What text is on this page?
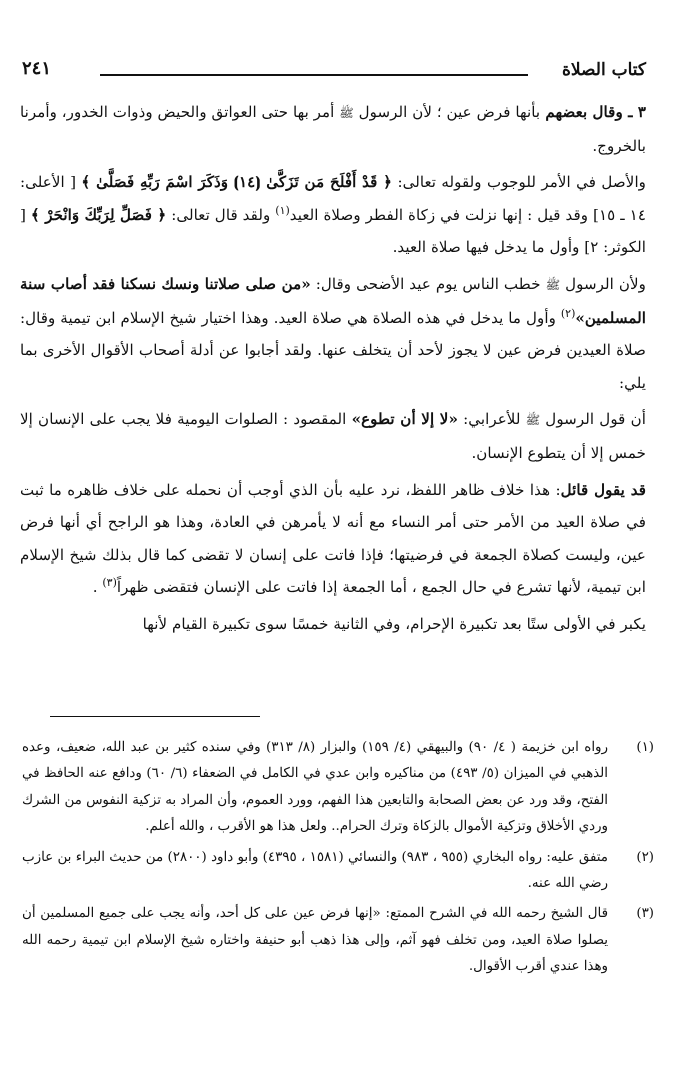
كتاب الصلاة
٢٤١

٣ ـ وقال بعضهم بأنها فرض عين ؛ لأن الرسول ﷺ أمر بها حتى العواتق والحيض وذوات الخدور، وأمرنا بالخروج.

والأصل في الأمر للوجوب ولقوله تعالى: ﴿ قَدْ أَفْلَحَ مَن تَزَكَّىٰ ⦗١٤⦘ وَذَكَرَ اسْمَ رَبِّهِ فَصَلَّىٰ ﴾ [ الأعلى: ١٤ ـ ١٥] وقد قيل : إنها نزلت في زكاة الفطر وصلاة العيد$^{(١)}$ ولقد قال تعالى: ﴿ فَصَلِّ لِرَبِّكَ وَانْحَرْ ﴾ [ الكوثر: ٢] وأول ما يدخل فيها صلاة العيد.

ولأن الرسول ﷺ خطب الناس يوم عيد الأضحى وقال: «من صلى صلاتنا ونسك نسكنا فقد أصاب سنة المسلمين»$^{(٢)}$ وأول ما يدخل في هذه الصلاة هي صلاة العيد. وهذا اختيار شيخ الإسلام ابن تيمية وقال: صلاة العيدين فرض عين لا يجوز لأحد أن يتخلف عنها. ولقد أجابوا عن أدلة أصحاب الأقوال الأخرى بما يلي:

أن قول الرسول ﷺ للأعرابي: «لا إلا أن تطوع» المقصود : الصلوات اليومية فلا يجب على الإنسان إلا خمس إلا أن يتطوع الإنسان.

قد يقول قائل: هذا خلاف ظاهر اللفظ، نرد عليه بأن الذي أوجب أن نحمله على خلاف ظاهره ما ثبت في صلاة العيد من الأمر حتى أمر النساء مع أنه لا يأمرهن في العادة، وهذا هو الراجح أي أنها فرض عين، وليست كصلاة الجمعة في فرضيتها؛ فإذا فاتت على إنسان لا تقضى كما قال بذلك شيخ الإسلام ابن تيمية، لأنها تشرع في حال الجمع ، أما الجمعة إذا فاتت على الإنسان فتقضى ظهراً$^{(٣)}$ .

يكبر في الأولى ستًا بعد تكبيرة الإحرام، وفي الثانية خمسًا سوى تكبيرة القيام لأنها

(١)
رواه ابن خزيمة ( ٤/ ٩٠) والبيهقي (٤/ ١٥٩) والبزار (٨/ ٣١٣) وفي سنده كثير بن عبد الله، ضعيف، وعده الذهبي في الميزان (٥/ ٤٩٣) من مناكيره وابن عدي في الكامل في الضعفاء (٦/ ٦٠) ودافع عنه الحافظ في الفتح، وقد ورد عن بعض الصحابة والتابعين هذا الفهم، وورد العموم، وأن المراد به تزكية النفوس من الشرك وردي الأخلاق وتزكية الأموال بالزكاة وترك الحرام.. ولعل هذا هو الأقرب ، والله أعلم.
(٢)
متفق عليه: رواه البخاري (٩٥٥ ، ٩٨٣) والنسائي (١٥٨١ ، ٤٣٩٥) وأبو داود (٢٨٠٠) من حديث البراء بن عازب رضي الله عنه.
(٣)
قال الشيخ رحمه الله في الشرح الممتع: «إنها فرض عين على كل أحد، وأنه يجب على جميع المسلمين أن يصلوا صلاة العيد، ومن تخلف فهو آثم، وإلى هذا ذهب أبو حنيفة واختاره شيخ الإسلام ابن تيمية رحمه الله وهذا عندي أقرب الأقوال.
